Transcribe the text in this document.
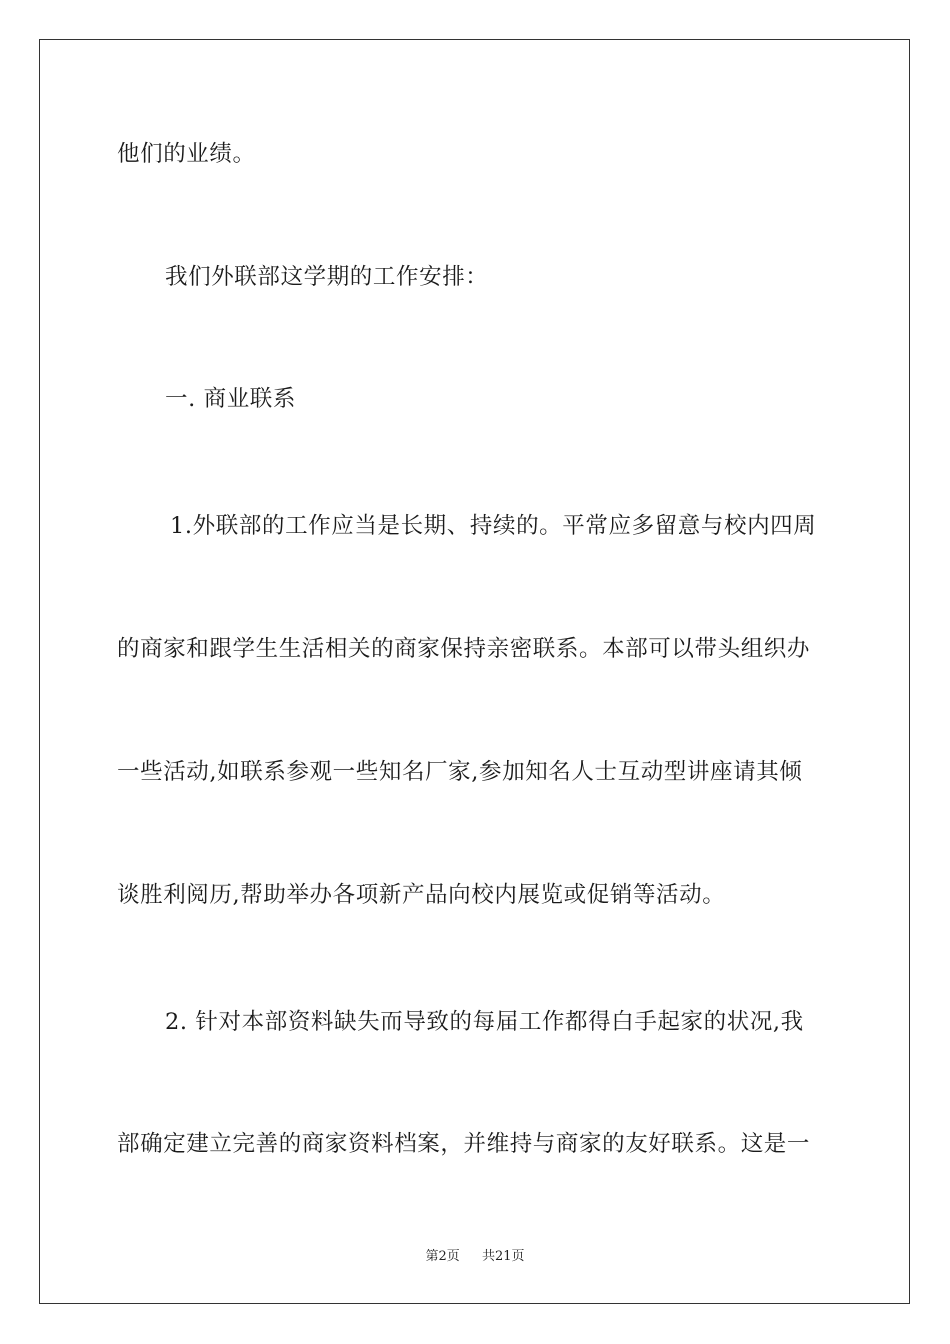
他们的业绩。
我们外联部这学期的工作安排：
一. 商业联系
1.外联部的工作应当是长期、持续的。平常应多留意与校内四周
的商家和跟学生生活相关的商家保持亲密联系。本部可以带头组织办
一些活动,如联系参观一些知名厂家,参加知名人士互动型讲座请其倾
谈胜利阅历,帮助举办各项新产品向校内展览或促销等活动。
2. 针对本部资料缺失而导致的每届工作都得白手起家的状况,我
部确定建立完善的商家资料档案，并维持与商家的友好联系。这是一
第2页 共21页
